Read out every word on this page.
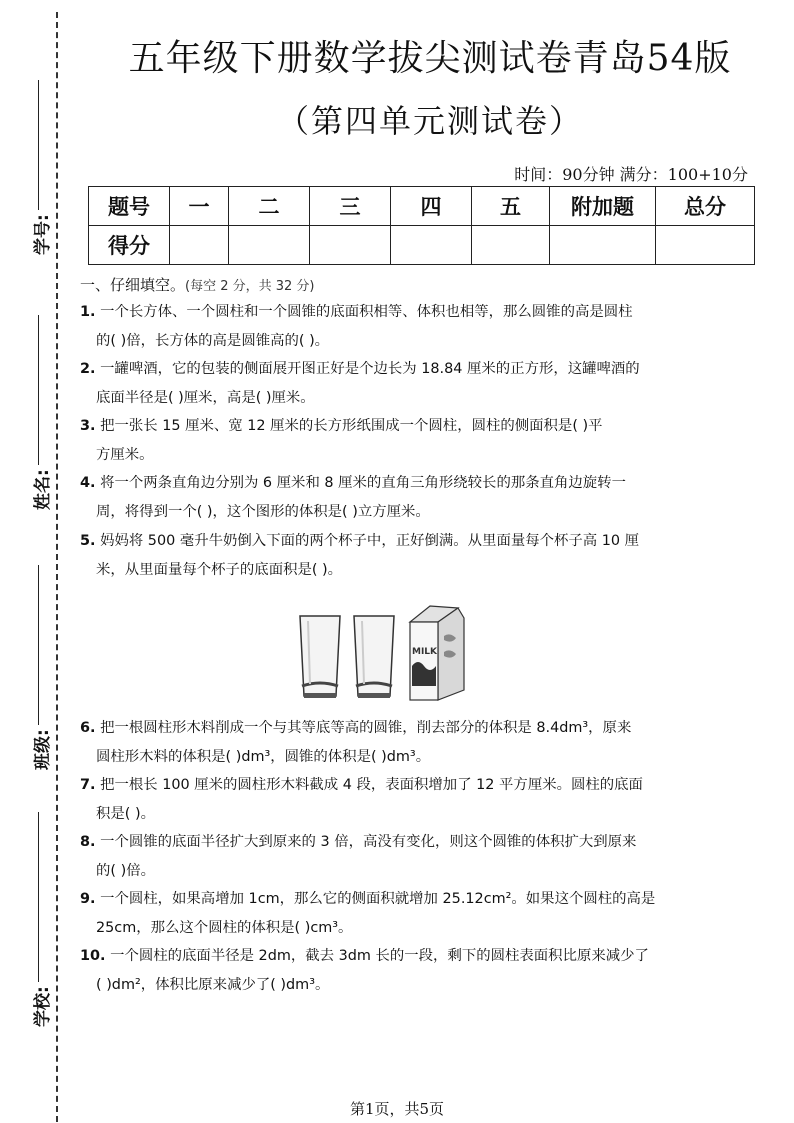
学号:
姓名:
班级:
学校:
五年级下册数学拔尖测试卷青岛54版
（第四单元测试卷）
时间：90分钟 满分：100+10分
题号	一	二	三	四	五	附加题	总分
得分							
一、仔细填空。(每空 2 分，共 32 分)
1. 一个长方体、一个圆柱和一个圆锥的底面积相等、体积也相等，那么圆锥的高是圆柱
的( )倍，长方体的高是圆锥高的( )。
2. 一罐啤酒，它的包装的侧面展开图正好是个边长为 18.84 厘米的正方形，这罐啤酒的
底面半径是( )厘米，高是( )厘米。
3. 把一张长 15 厘米、宽 12 厘米的长方形纸围成一个圆柱，圆柱的侧面积是( )平
方厘米。
4. 将一个两条直角边分别为 6 厘米和 8 厘米的直角三角形绕较长的那条直角边旋转一
周，将得到一个( )，这个图形的体积是( )立方厘米。
5. 妈妈将 500 毫升牛奶倒入下面的两个杯子中，正好倒满。从里面量每个杯子高 10 厘
米，从里面量每个杯子的底面积是( )。
MILK
6. 把一根圆柱形木料削成一个与其等底等高的圆锥，削去部分的体积是 8.4dm³，原来
圆柱形木料的体积是( )dm³，圆锥的体积是( )dm³。
7. 把一根长 100 厘米的圆柱形木料截成 4 段，表面积增加了 12 平方厘米。圆柱的底面
积是( )。
8. 一个圆锥的底面半径扩大到原来的 3 倍，高没有变化，则这个圆锥的体积扩大到原来
的( )倍。
9. 一个圆柱，如果高增加 1cm，那么它的侧面积就增加 25.12cm²。如果这个圆柱的高是
25cm，那么这个圆柱的体积是( )cm³。
10. 一个圆柱的底面半径是 2dm，截去 3dm 长的一段，剩下的圆柱表面积比原来减少了
( )dm²，体积比原来减少了( )dm³。
第1页，共5页
